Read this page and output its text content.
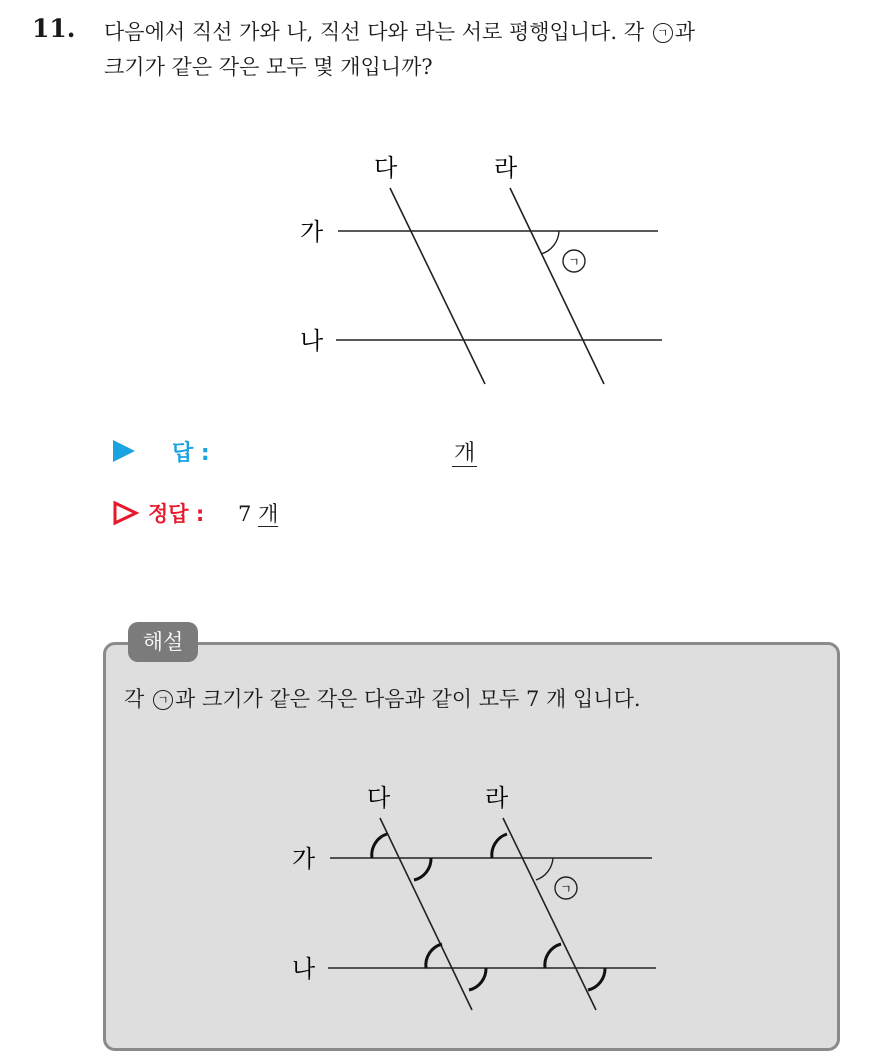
11. 다음에서 직선 가와 나, 직선 다와 라는 서로 평행입니다. 각 ㄱ 과
크기가 같은 각은 모두 몇 개입니까?
ㄱ
가
나
다	라
답 :	개
정답 : 7 개
해설
각 ㄱ 과 크기가 같은 각은 다음과 같이 모두 7 개 입니다.
ㄱ
가
나
다	라
